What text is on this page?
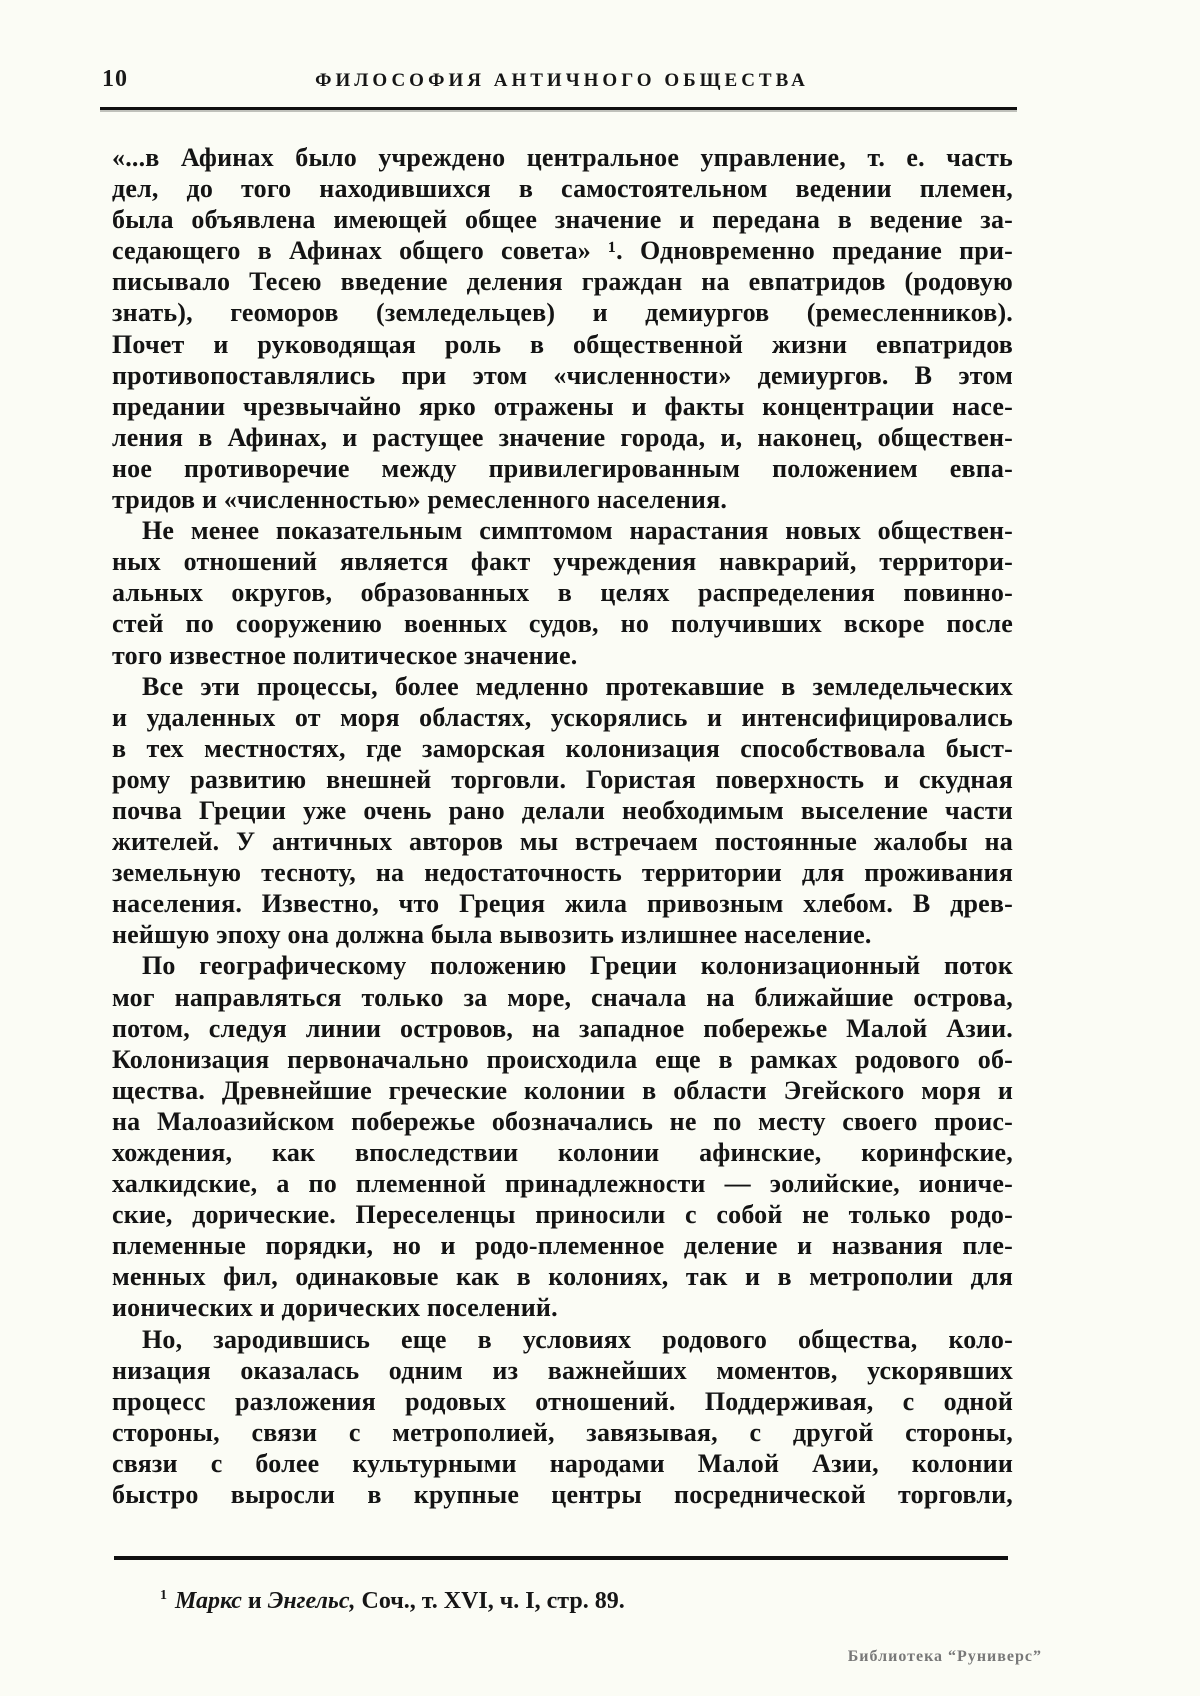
10	ФИЛОСОФИЯ АНТИЧНОГО ОБЩЕСТВА
«...в Афинах было учреждено центральное управление, т. е. часть
дел, до того находившихся в самостоятельном ведении племен,
была объявлена имеющей общее значение и передана в ведение за-
седающего в Афинах общего совета» ¹. Одновременно предание при-
писывало Тесею введение деления граждан на евпатридов (родовую
знать), геоморов (земледельцев) и демиургов (ремесленников).
Почет и руководящая роль в общественной жизни евпатридов
противопоставлялись при этом «численности» демиургов. В этом
предании чрезвычайно ярко отражены и факты концентрации насе-
ления в Афинах, и растущее значение города, и, наконец, обществен-
ное противоречие между привилегированным положением евпа-
тридов и «численностью» ремесленного населения.
Не менее показательным симптомом нарастания новых обществен-
ных отношений является факт учреждения навкрарий, территори-
альных округов, образованных в целях распределения повинно-
стей по сооружению военных судов, но получивших вскоре после
того известное политическое значение.
Все эти процессы, более медленно протекавшие в земледельческих
и удаленных от моря областях, ускорялись и интенсифицировались
в тех местностях, где заморская колонизация способствовала быст-
рому развитию внешней торговли. Гористая поверхность и скудная
почва Греции уже очень рано делали необходимым выселение части
жителей. У античных авторов мы встречаем постоянные жалобы на
земельную тесноту, на недостаточность территории для проживания
населения. Известно, что Греция жила привозным хлебом. В древ-
нейшую эпоху она должна была вывозить излишнее население.
По географическому положению Греции колонизационный поток
мог направляться только за море, сначала на ближайшие острова,
потом, следуя линии островов, на западное побережье Малой Азии.
Колонизация первоначально происходила еще в рамках родового об-
щества. Древнейшие греческие колонии в области Эгейского моря и
на Малоазийском побережье обозначались не по месту своего проис-
хождения, как впоследствии колонии афинские, коринфские,
халкидские, а по племенной принадлежности — эолийские, иониче-
ские, дорические. Переселенцы приносили с собой не только родо-
племенные порядки, но и родо-племенное деление и названия пле-
менных фил, одинаковые как в колониях, так и в метрополии для
ионических и дорических поселений.
Но, зародившись еще в условиях родового общества, коло-
низация оказалась одним из важнейших моментов, ускорявших
процесс разложения родовых отношений. Поддерживая, с одной
стороны, связи с метрополией, завязывая, с другой стороны,
связи с более культурными народами Малой Азии, колонии
быстро выросли в крупные центры посреднической торговли,
$^1$ Маркс и Энгельс, Соч., т. XVI, ч. I, стр. 89.
Библиотека “Руниверс”
